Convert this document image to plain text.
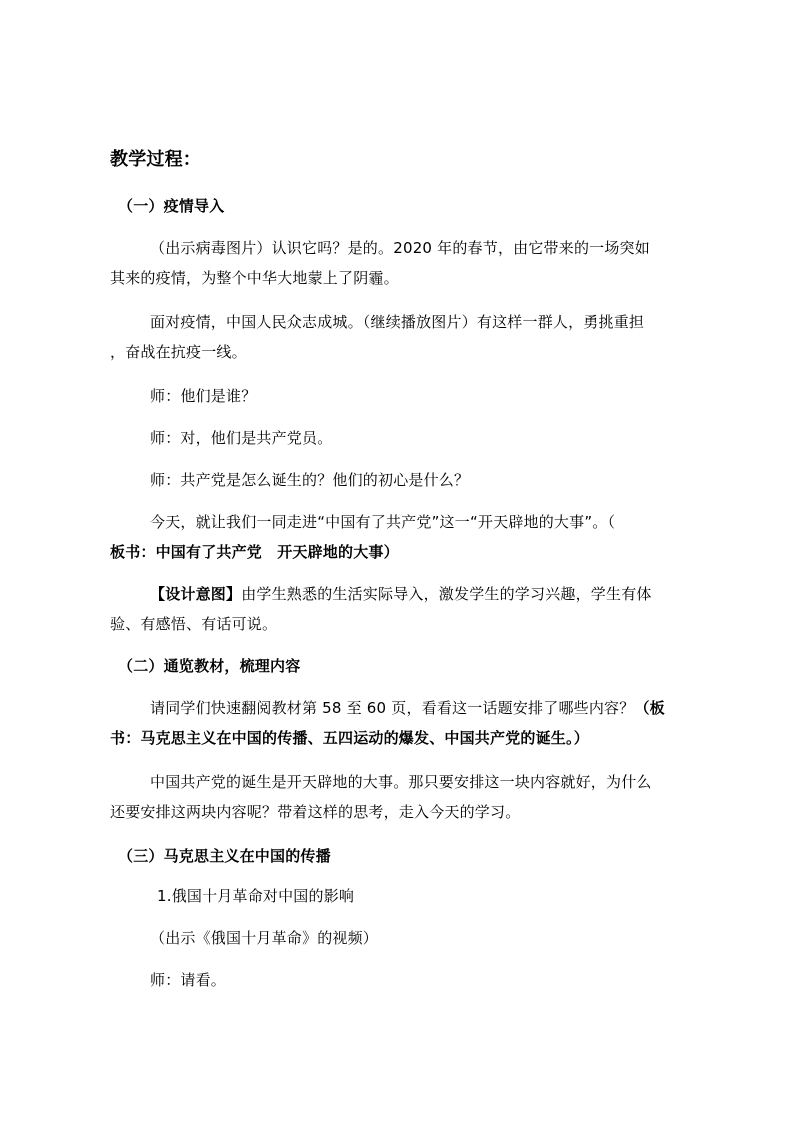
教学过程：
（一）疫情导入
（出示病毒图片）认识它吗？是的。2020 年的春节，由它带来的一场突如
其来的疫情，为整个中华大地蒙上了阴霾。
面对疫情，中国人民众志成城。（继续播放图片）有这样一群人，勇挑重担
，奋战在抗疫一线。
师：他们是谁？
师：对，他们是共产党员。
师：共产党是怎么诞生的？他们的初心是什么？
今天，就让我们一同走进“中国有了共产党”这一“开天辟地的大事”。（
板书：中国有了共产党　开天辟地的大事）
【设计意图】由学生熟悉的生活实际导入，激发学生的学习兴趣，学生有体
验、有感悟、有话可说。
（二）通览教材，梳理内容
请同学们快速翻阅教材第 58 至 60 页，看看这一话题安排了哪些内容？（板
书：马克思主义在中国的传播、五四运动的爆发、中国共产党的诞生。）
中国共产党的诞生是开天辟地的大事。那只要安排这一块内容就好，为什么
还要安排这两块内容呢？带着这样的思考，走入今天的学习。
（三）马克思主义在中国的传播
1.俄国十月革命对中国的影响
（出示《俄国十月革命》的视频）
师：请看。
